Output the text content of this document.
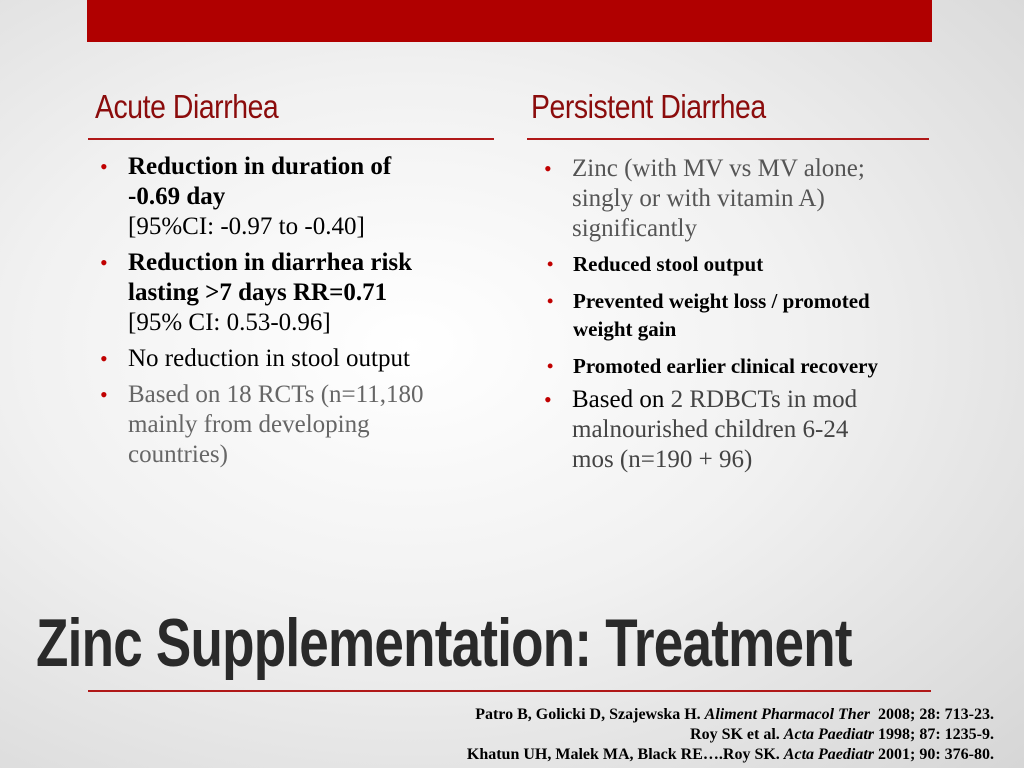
Acute Diarrhea
• Reduction in duration of -0.69 day
[95%CI: -0.97 to -0.40]
• Reduction in diarrhea risk lasting >7 days RR=0.71 [95% CI: 0.53-0.96]
• No reduction in stool output
• Based on 18 RCTs (n=11,180 mainly from developing countries)
Persistent Diarrhea
• Zinc (with MV vs MV alone; singly or with vitamin A) significantly
• Reduced stool output
• Prevented weight loss / promoted weight gain
• Promoted earlier clinical recovery
• Based on 2 RDBCTs in mod malnourished children 6-24 mos (n=190 + 96)
Zinc Supplementation: Treatment
Patro B, Golicki D, Szajewska H. Aliment Pharmacol Ther  2008; 28: 713-23.
Roy SK et al. Acta Paediatr 1998; 87: 1235-9.
Khatun UH, Malek MA, Black RE….Roy SK. Acta Paediatr 2001; 90: 376-80.
